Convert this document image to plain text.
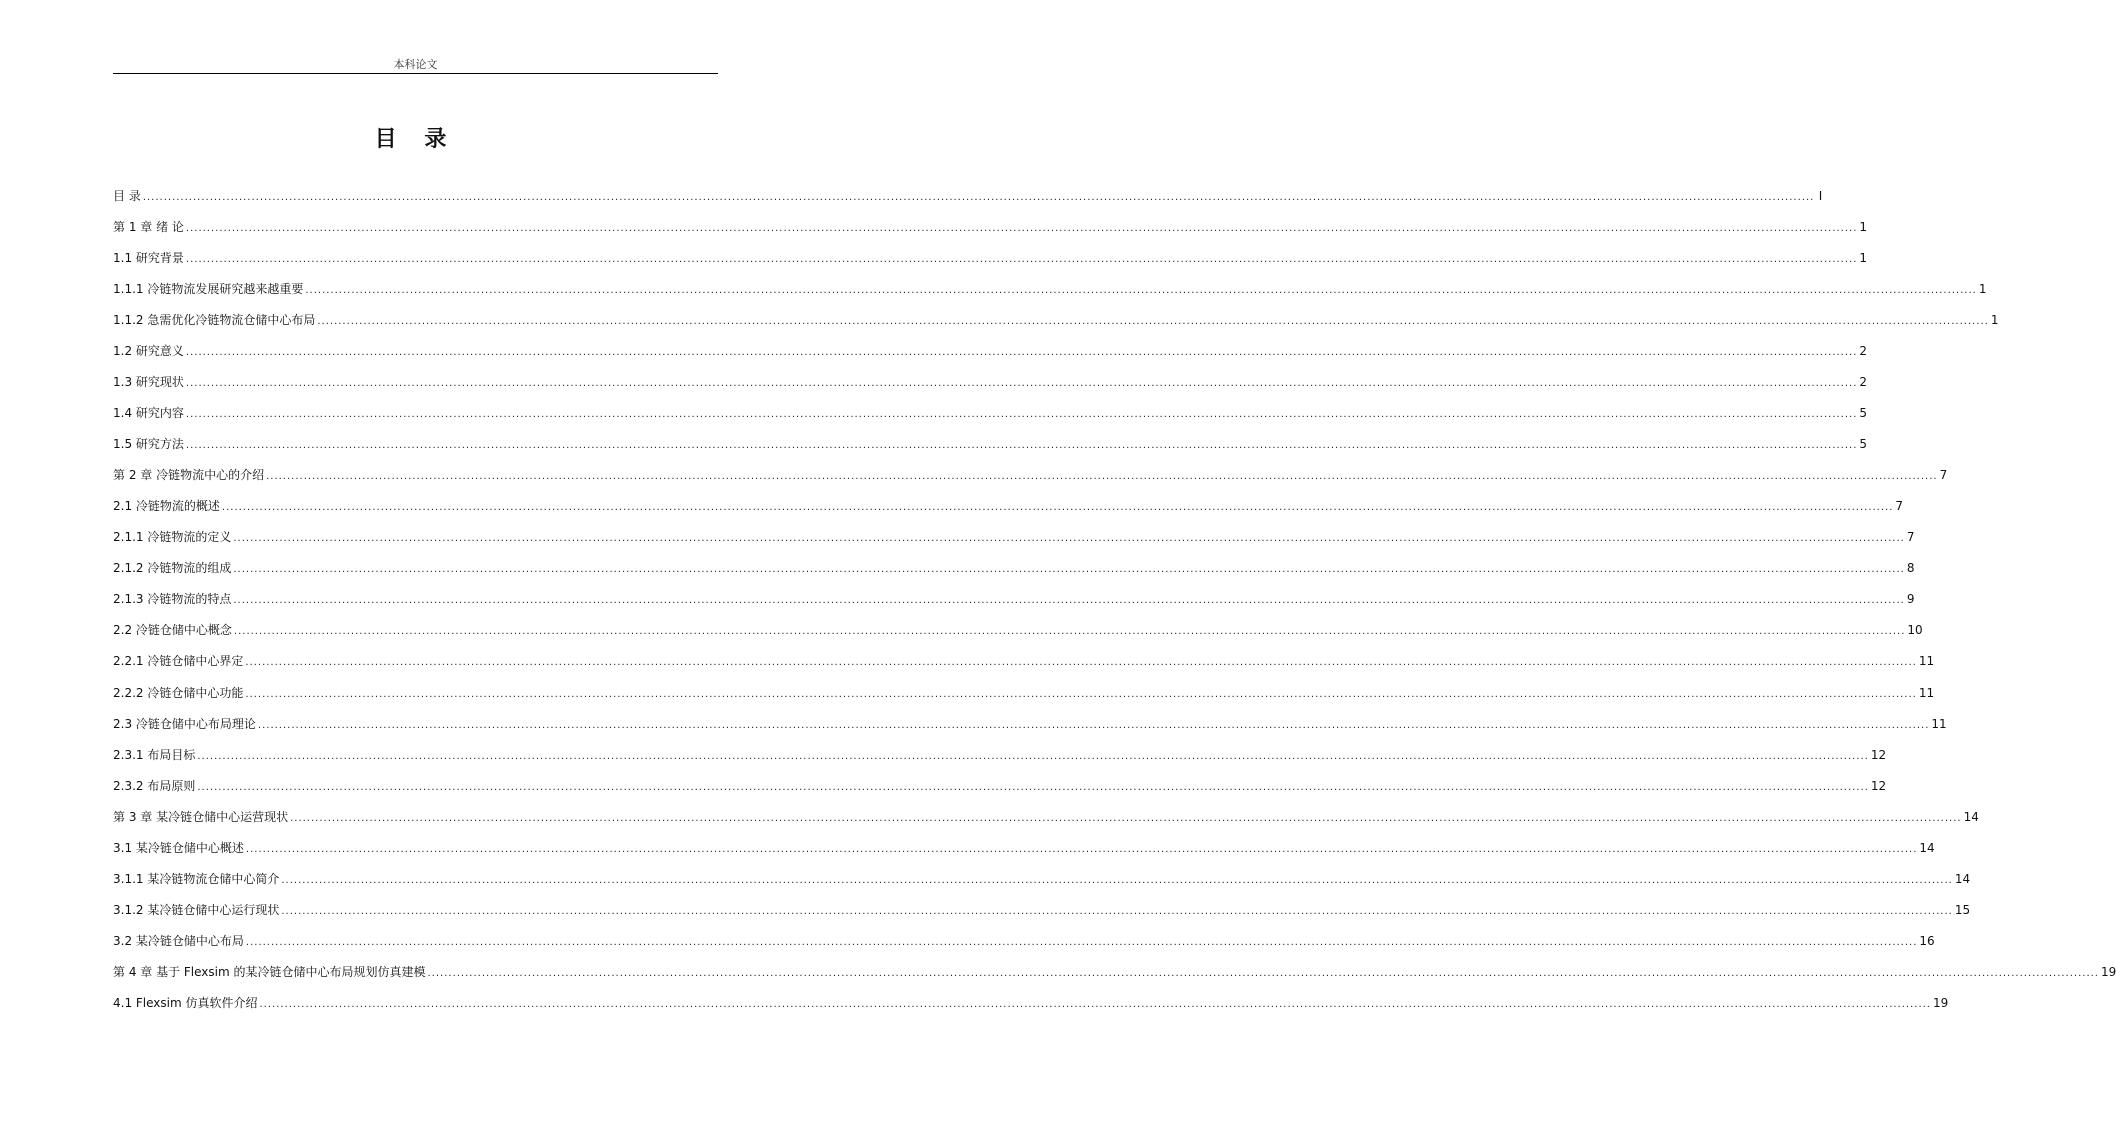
本科论文
目 录
目 录 ................................................................................................................................................................................................................................................................................................................................................................................................................ I
第 1 章 绪 论 ................................................................................................................................................................................................................................................................................................................................................................................................................ 1
1.1 研究背景 ................................................................................................................................................................................................................................................................................................................................................................................................................ 1
1.1.1 冷链物流发展研究越来越重要 ................................................................................................................................................................................................................................................................................................................................................................................................................ 1
1.1.2 急需优化冷链物流仓储中心布局 ................................................................................................................................................................................................................................................................................................................................................................................................................ 1
1.2 研究意义 ................................................................................................................................................................................................................................................................................................................................................................................................................ 2
1.3 研究现状 ................................................................................................................................................................................................................................................................................................................................................................................................................ 2
1.4 研究内容 ................................................................................................................................................................................................................................................................................................................................................................................................................ 5
1.5 研究方法 ................................................................................................................................................................................................................................................................................................................................................................................................................ 5
第 2 章 冷链物流中心的介绍 ................................................................................................................................................................................................................................................................................................................................................................................................................ 7
2.1 冷链物流的概述 ................................................................................................................................................................................................................................................................................................................................................................................................................ 7
2.1.1 冷链物流的定义 ................................................................................................................................................................................................................................................................................................................................................................................................................ 7
2.1.2 冷链物流的组成 ................................................................................................................................................................................................................................................................................................................................................................................................................ 8
2.1.3 冷链物流的特点 ................................................................................................................................................................................................................................................................................................................................................................................................................ 9
2.2 冷链仓储中心概念 ................................................................................................................................................................................................................................................................................................................................................................................................................ 10
2.2.1 冷链仓储中心界定 ................................................................................................................................................................................................................................................................................................................................................................................................................ 11
2.2.2 冷链仓储中心功能 ................................................................................................................................................................................................................................................................................................................................................................................................................ 11
2.3 冷链仓储中心布局理论 ................................................................................................................................................................................................................................................................................................................................................................................................................ 11
2.3.1 布局目标 ................................................................................................................................................................................................................................................................................................................................................................................................................ 12
2.3.2 布局原则 ................................................................................................................................................................................................................................................................................................................................................................................................................ 12
第 3 章 某冷链仓储中心运营现状 ................................................................................................................................................................................................................................................................................................................................................................................................................ 14
3.1 某冷链仓储中心概述 ................................................................................................................................................................................................................................................................................................................................................................................................................ 14
3.1.1 某冷链物流仓储中心简介 ................................................................................................................................................................................................................................................................................................................................................................................................................ 14
3.1.2 某冷链仓储中心运行现状 ................................................................................................................................................................................................................................................................................................................................................................................................................ 15
3.2 某冷链仓储中心布局 ................................................................................................................................................................................................................................................................................................................................................................................................................ 16
第 4 章 基于 Flexsim 的某冷链仓储中心布局规划仿真建模 ................................................................................................................................................................................................................................................................................................................................................................................................................ 19
4.1 Flexsim 仿真软件介绍 ................................................................................................................................................................................................................................................................................................................................................................................................................ 19
